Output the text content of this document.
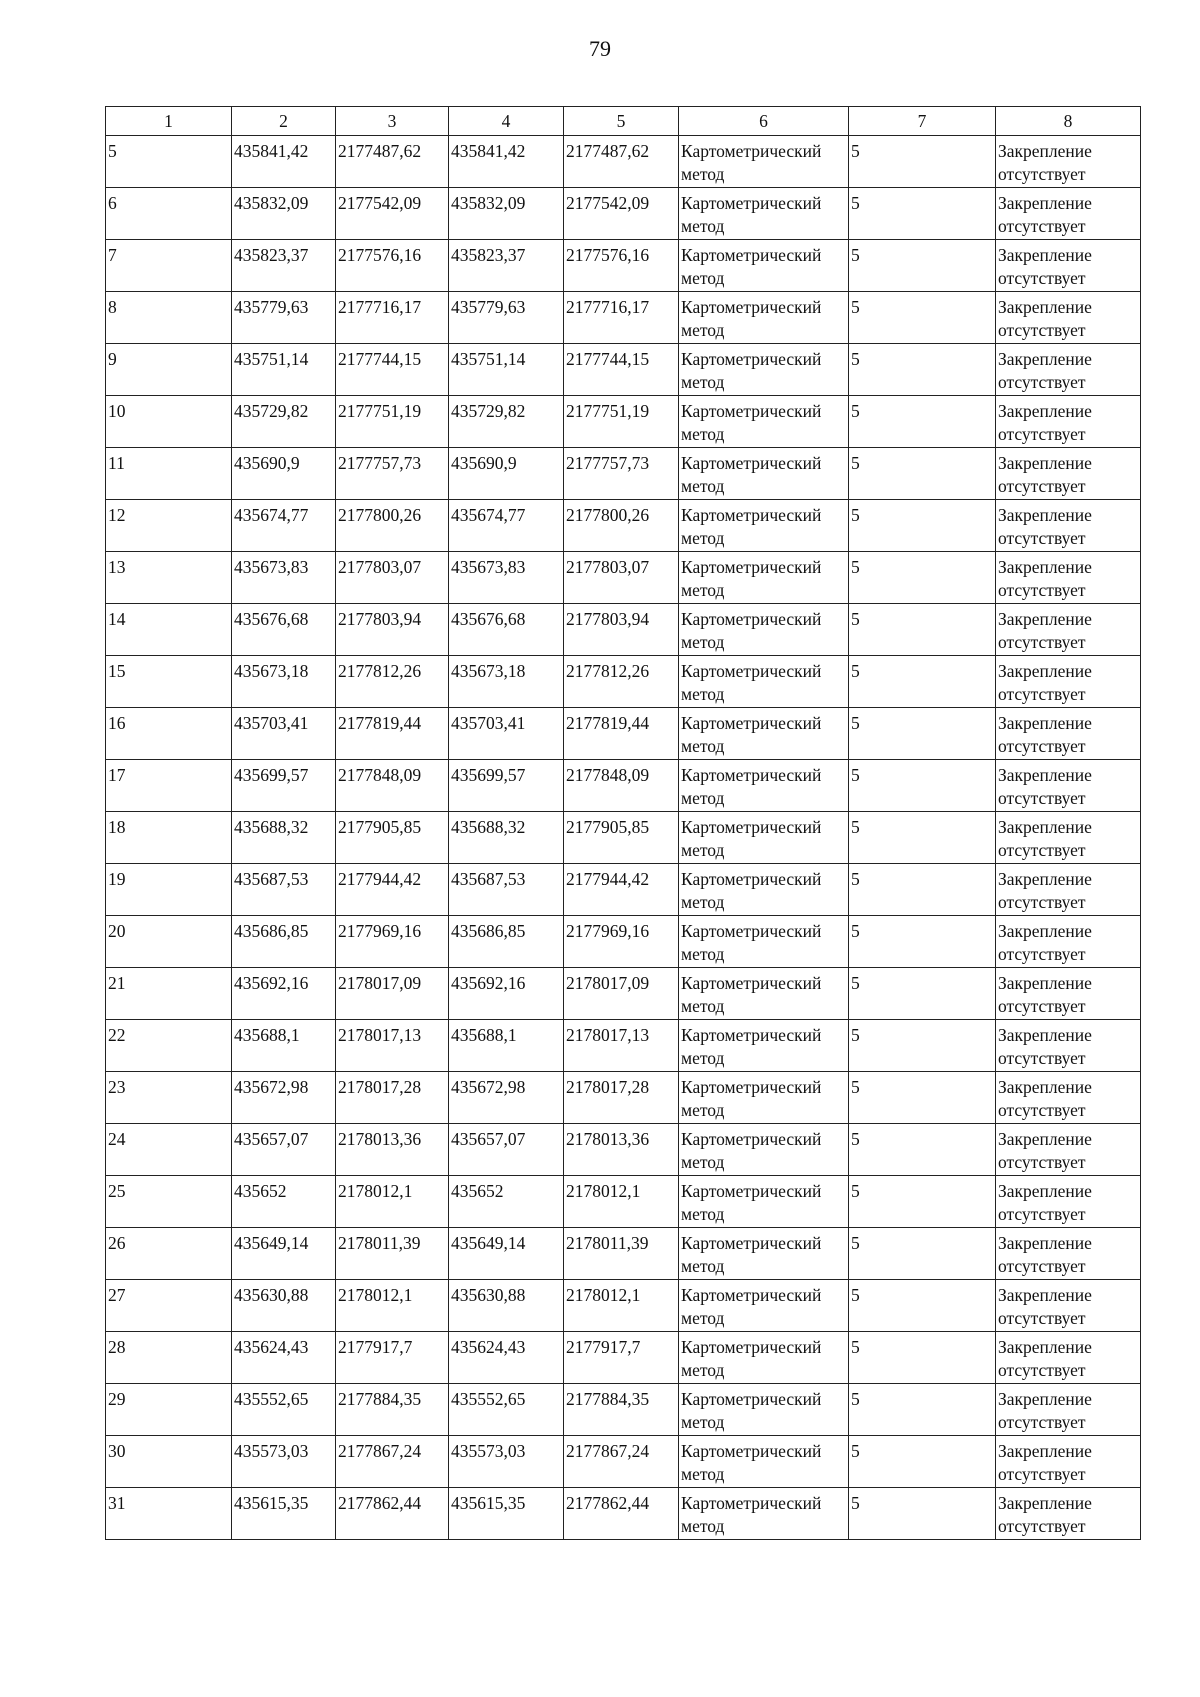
79
1	2	3	4	5	6	7	8
5	435841,42	2177487,62	435841,42	2177487,62	Картометрический метод	5	Закрепление отсутствует
6	435832,09	2177542,09	435832,09	2177542,09	Картометрический метод	5	Закрепление отсутствует
7	435823,37	2177576,16	435823,37	2177576,16	Картометрический метод	5	Закрепление отсутствует
8	435779,63	2177716,17	435779,63	2177716,17	Картометрический метод	5	Закрепление отсутствует
9	435751,14	2177744,15	435751,14	2177744,15	Картометрический метод	5	Закрепление отсутствует
10	435729,82	2177751,19	435729,82	2177751,19	Картометрический метод	5	Закрепление отсутствует
11	435690,9	2177757,73	435690,9	2177757,73	Картометрический метод	5	Закрепление отсутствует
12	435674,77	2177800,26	435674,77	2177800,26	Картометрический метод	5	Закрепление отсутствует
13	435673,83	2177803,07	435673,83	2177803,07	Картометрический метод	5	Закрепление отсутствует
14	435676,68	2177803,94	435676,68	2177803,94	Картометрический метод	5	Закрепление отсутствует
15	435673,18	2177812,26	435673,18	2177812,26	Картометрический метод	5	Закрепление отсутствует
16	435703,41	2177819,44	435703,41	2177819,44	Картометрический метод	5	Закрепление отсутствует
17	435699,57	2177848,09	435699,57	2177848,09	Картометрический метод	5	Закрепление отсутствует
18	435688,32	2177905,85	435688,32	2177905,85	Картометрический метод	5	Закрепление отсутствует
19	435687,53	2177944,42	435687,53	2177944,42	Картометрический метод	5	Закрепление отсутствует
20	435686,85	2177969,16	435686,85	2177969,16	Картометрический метод	5	Закрепление отсутствует
21	435692,16	2178017,09	435692,16	2178017,09	Картометрический метод	5	Закрепление отсутствует
22	435688,1	2178017,13	435688,1	2178017,13	Картометрический метод	5	Закрепление отсутствует
23	435672,98	2178017,28	435672,98	2178017,28	Картометрический метод	5	Закрепление отсутствует
24	435657,07	2178013,36	435657,07	2178013,36	Картометрический метод	5	Закрепление отсутствует
25	435652	2178012,1	435652	2178012,1	Картометрический метод	5	Закрепление отсутствует
26	435649,14	2178011,39	435649,14	2178011,39	Картометрический метод	5	Закрепление отсутствует
27	435630,88	2178012,1	435630,88	2178012,1	Картометрический метод	5	Закрепление отсутствует
28	435624,43	2177917,7	435624,43	2177917,7	Картометрический метод	5	Закрепление отсутствует
29	435552,65	2177884,35	435552,65	2177884,35	Картометрический метод	5	Закрепление отсутствует
30	435573,03	2177867,24	435573,03	2177867,24	Картометрический метод	5	Закрепление отсутствует
31	435615,35	2177862,44	435615,35	2177862,44	Картометрический метод	5	Закрепление отсутствует
